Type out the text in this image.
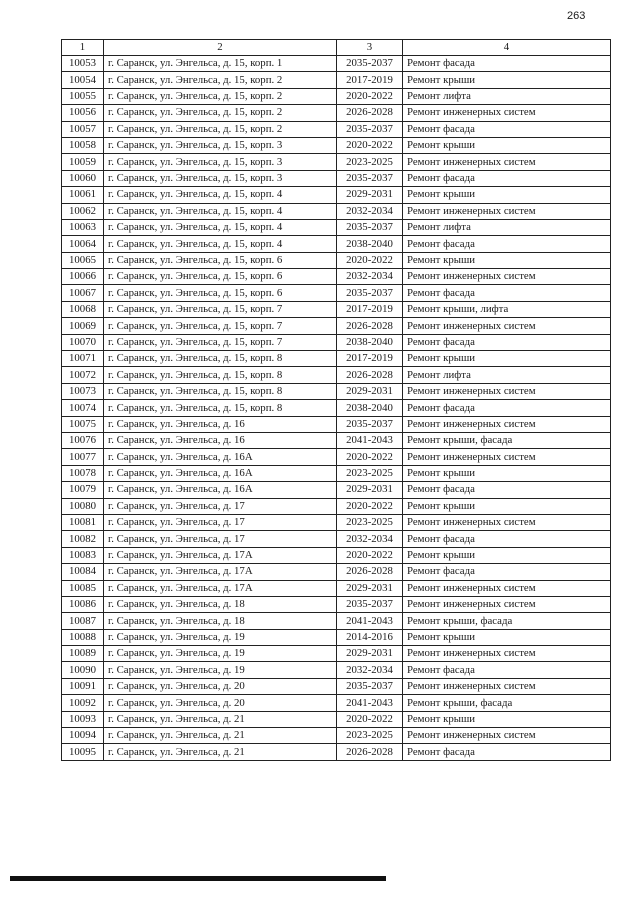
263
1	2	3	4
10053	г. Саранск, ул. Энгельса, д. 15, корп. 1	2035-2037	Ремонт фасада
10054	г. Саранск, ул. Энгельса, д. 15, корп. 2	2017-2019	Ремонт крыши
10055	г. Саранск, ул. Энгельса, д. 15, корп. 2	2020-2022	Ремонт лифта
10056	г. Саранск, ул. Энгельса, д. 15, корп. 2	2026-2028	Ремонт инженерных систем
10057	г. Саранск, ул. Энгельса, д. 15, корп. 2	2035-2037	Ремонт фасада
10058	г. Саранск, ул. Энгельса, д. 15, корп. 3	2020-2022	Ремонт крыши
10059	г. Саранск, ул. Энгельса, д. 15, корп. 3	2023-2025	Ремонт инженерных систем
10060	г. Саранск, ул. Энгельса, д. 15, корп. 3	2035-2037	Ремонт фасада
10061	г. Саранск, ул. Энгельса, д. 15, корп. 4	2029-2031	Ремонт крыши
10062	г. Саранск, ул. Энгельса, д. 15, корп. 4	2032-2034	Ремонт инженерных систем
10063	г. Саранск, ул. Энгельса, д. 15, корп. 4	2035-2037	Ремонт лифта
10064	г. Саранск, ул. Энгельса, д. 15, корп. 4	2038-2040	Ремонт фасада
10065	г. Саранск, ул. Энгельса, д. 15, корп. 6	2020-2022	Ремонт крыши
10066	г. Саранск, ул. Энгельса, д. 15, корп. 6	2032-2034	Ремонт инженерных систем
10067	г. Саранск, ул. Энгельса, д. 15, корп. 6	2035-2037	Ремонт фасада
10068	г. Саранск, ул. Энгельса, д. 15, корп. 7	2017-2019	Ремонт крыши, лифта
10069	г. Саранск, ул. Энгельса, д. 15, корп. 7	2026-2028	Ремонт инженерных систем
10070	г. Саранск, ул. Энгельса, д. 15, корп. 7	2038-2040	Ремонт фасада
10071	г. Саранск, ул. Энгельса, д. 15, корп. 8	2017-2019	Ремонт крыши
10072	г. Саранск, ул. Энгельса, д. 15, корп. 8	2026-2028	Ремонт лифта
10073	г. Саранск, ул. Энгельса, д. 15, корп. 8	2029-2031	Ремонт инженерных систем
10074	г. Саранск, ул. Энгельса, д. 15, корп. 8	2038-2040	Ремонт фасада
10075	г. Саранск, ул. Энгельса, д. 16	2035-2037	Ремонт инженерных систем
10076	г. Саранск, ул. Энгельса, д. 16	2041-2043	Ремонт крыши, фасада
10077	г. Саранск, ул. Энгельса, д. 16А	2020-2022	Ремонт инженерных систем
10078	г. Саранск, ул. Энгельса, д. 16А	2023-2025	Ремонт крыши
10079	г. Саранск, ул. Энгельса, д. 16А	2029-2031	Ремонт фасада
10080	г. Саранск, ул. Энгельса, д. 17	2020-2022	Ремонт крыши
10081	г. Саранск, ул. Энгельса, д. 17	2023-2025	Ремонт инженерных систем
10082	г. Саранск, ул. Энгельса, д. 17	2032-2034	Ремонт фасада
10083	г. Саранск, ул. Энгельса, д. 17А	2020-2022	Ремонт крыши
10084	г. Саранск, ул. Энгельса, д. 17А	2026-2028	Ремонт фасада
10085	г. Саранск, ул. Энгельса, д. 17А	2029-2031	Ремонт инженерных систем
10086	г. Саранск, ул. Энгельса, д. 18	2035-2037	Ремонт инженерных систем
10087	г. Саранск, ул. Энгельса, д. 18	2041-2043	Ремонт крыши, фасада
10088	г. Саранск, ул. Энгельса, д. 19	2014-2016	Ремонт крыши
10089	г. Саранск, ул. Энгельса, д. 19	2029-2031	Ремонт инженерных систем
10090	г. Саранск, ул. Энгельса, д. 19	2032-2034	Ремонт фасада
10091	г. Саранск, ул. Энгельса, д. 20	2035-2037	Ремонт инженерных систем
10092	г. Саранск, ул. Энгельса, д. 20	2041-2043	Ремонт крыши, фасада
10093	г. Саранск, ул. Энгельса, д. 21	2020-2022	Ремонт крыши
10094	г. Саранск, ул. Энгельса, д. 21	2023-2025	Ремонт инженерных систем
10095	г. Саранск, ул. Энгельса, д. 21	2026-2028	Ремонт фасада
